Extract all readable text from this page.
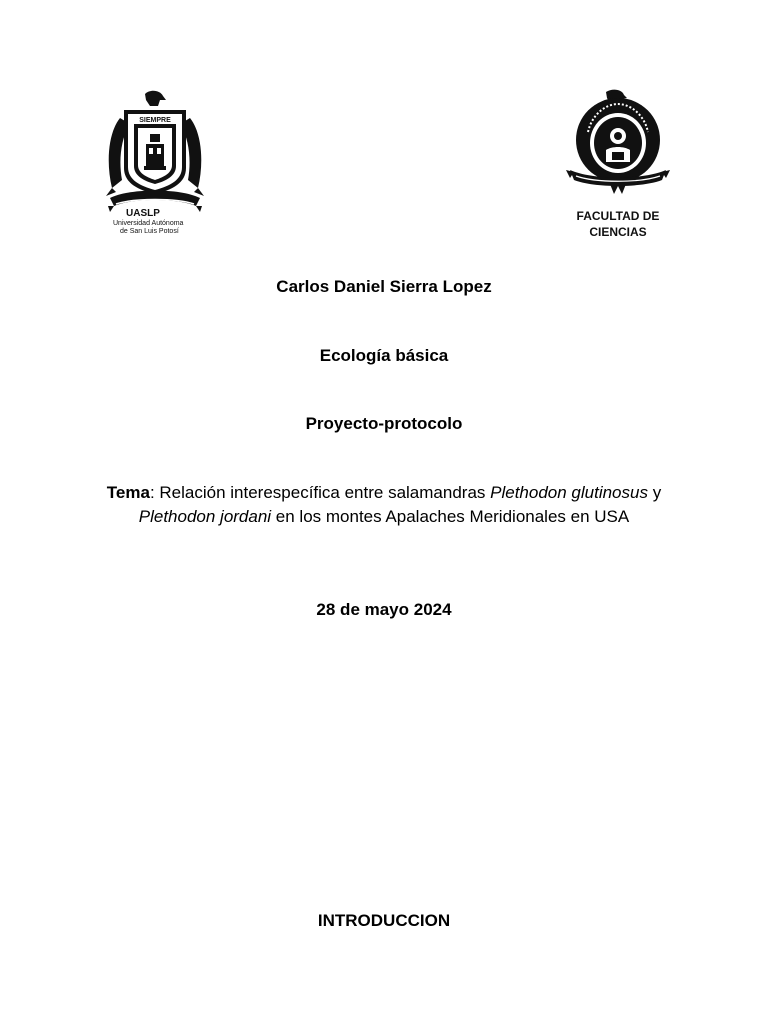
SIEMPRE
UASLP
Universidad Autónoma
de San Luis Potosí
FACULTAD DE
CIENCIAS
Carlos Daniel Sierra Lopez
Ecología básica
Proyecto-protocolo
Tema: Relación interespecífica entre salamandras Plethodon glutinosus y Plethodon jordani en los montes Apalaches Meridionales en USA
28 de mayo 2024
INTRODUCCION
